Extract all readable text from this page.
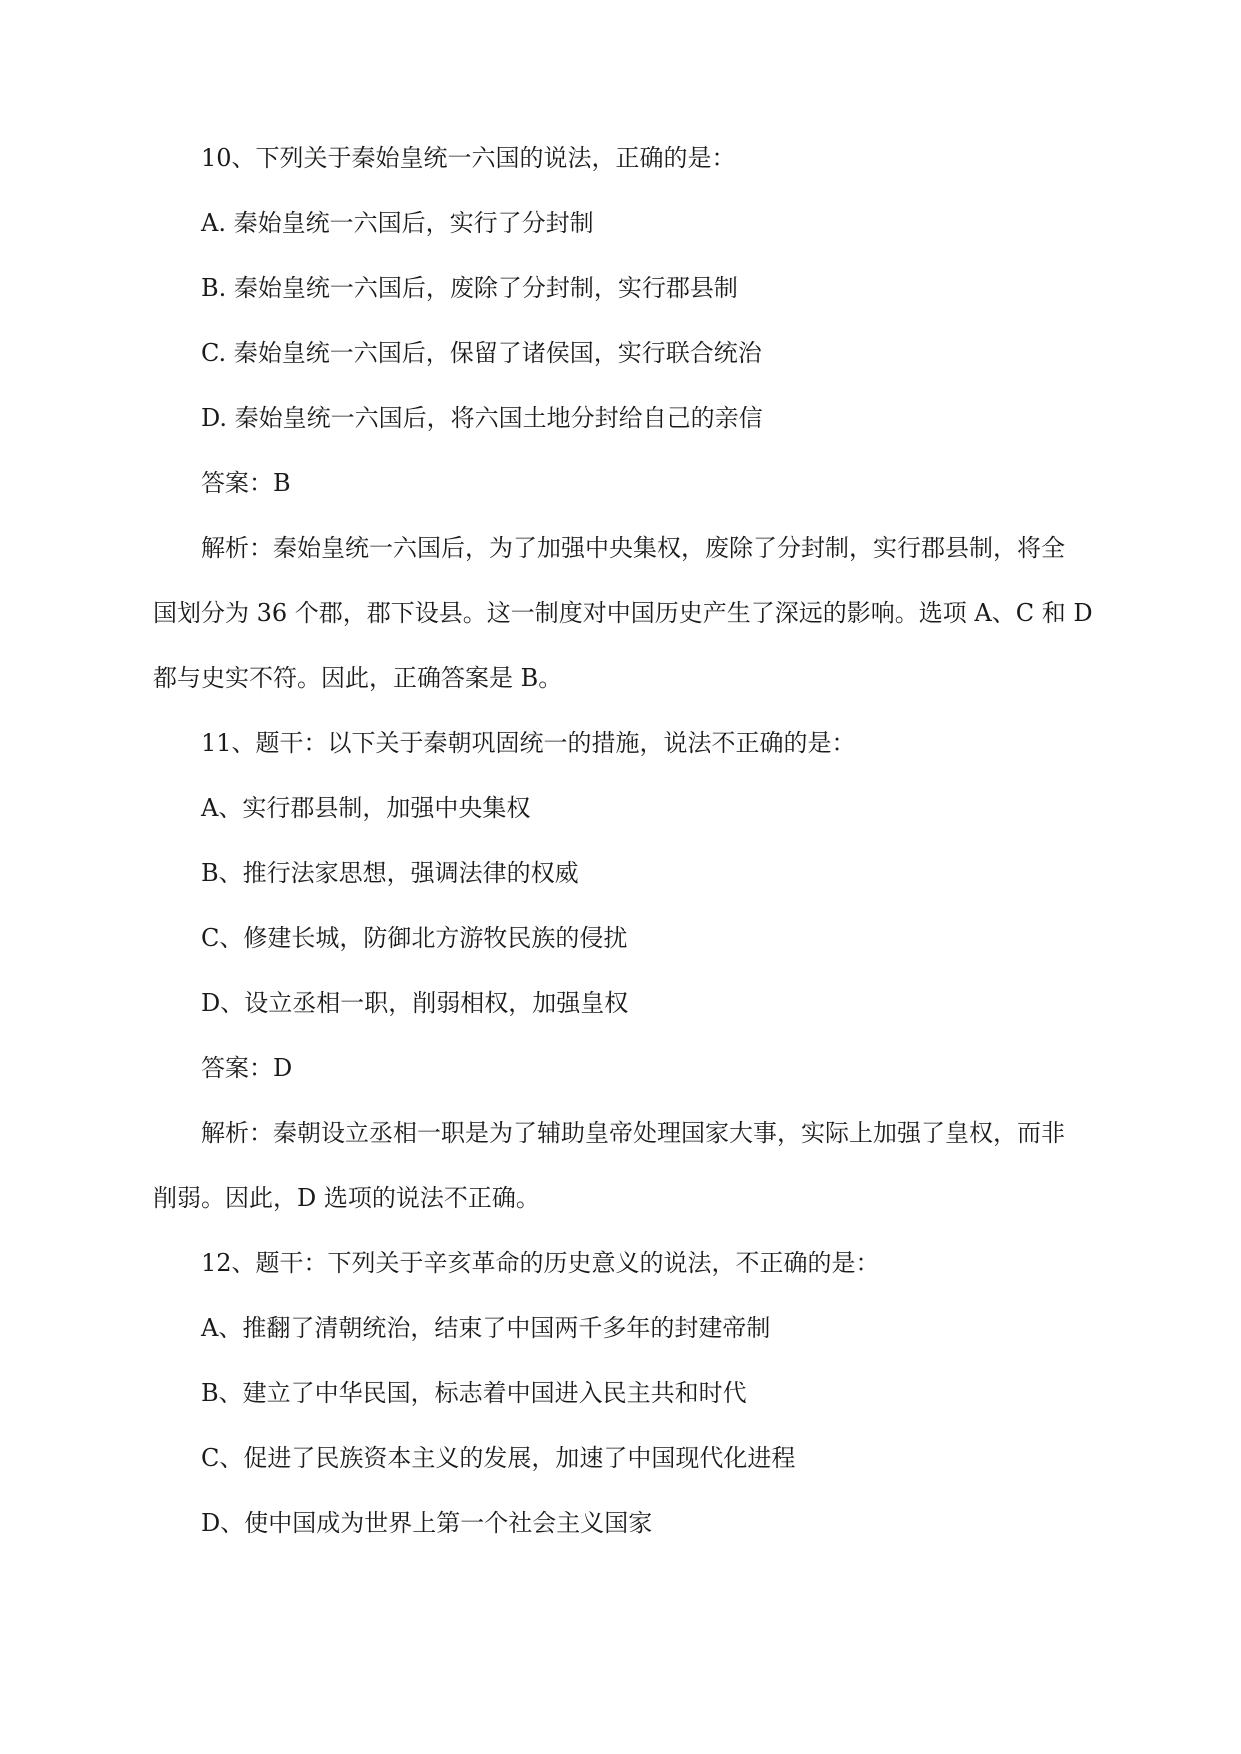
10、下列关于秦始皇统一六国的说法，正确的是：

A. 秦始皇统一六国后，实行了分封制

B. 秦始皇统一六国后，废除了分封制，实行郡县制

C. 秦始皇统一六国后，保留了诸侯国，实行联合统治

D. 秦始皇统一六国后，将六国土地分封给自己的亲信

答案：B

解析：秦始皇统一六国后，为了加强中央集权，废除了分封制，实行郡县制，将全

国划分为 36 个郡，郡下设县。这一制度对中国历史产生了深远的影响。选项 A、C 和 D

都与史实不符。因此，正确答案是 B。

11、题干：以下关于秦朝巩固统一的措施，说法不正确的是：

A、实行郡县制，加强中央集权

B、推行法家思想，强调法律的权威

C、修建长城，防御北方游牧民族的侵扰

D、设立丞相一职，削弱相权，加强皇权

答案：D

解析：秦朝设立丞相一职是为了辅助皇帝处理国家大事，实际上加强了皇权，而非

削弱。因此，D 选项的说法不正确。

12、题干：下列关于辛亥革命的历史意义的说法，不正确的是：

A、推翻了清朝统治，结束了中国两千多年的封建帝制

B、建立了中华民国，标志着中国进入民主共和时代

C、促进了民族资本主义的发展，加速了中国现代化进程

D、使中国成为世界上第一个社会主义国家
